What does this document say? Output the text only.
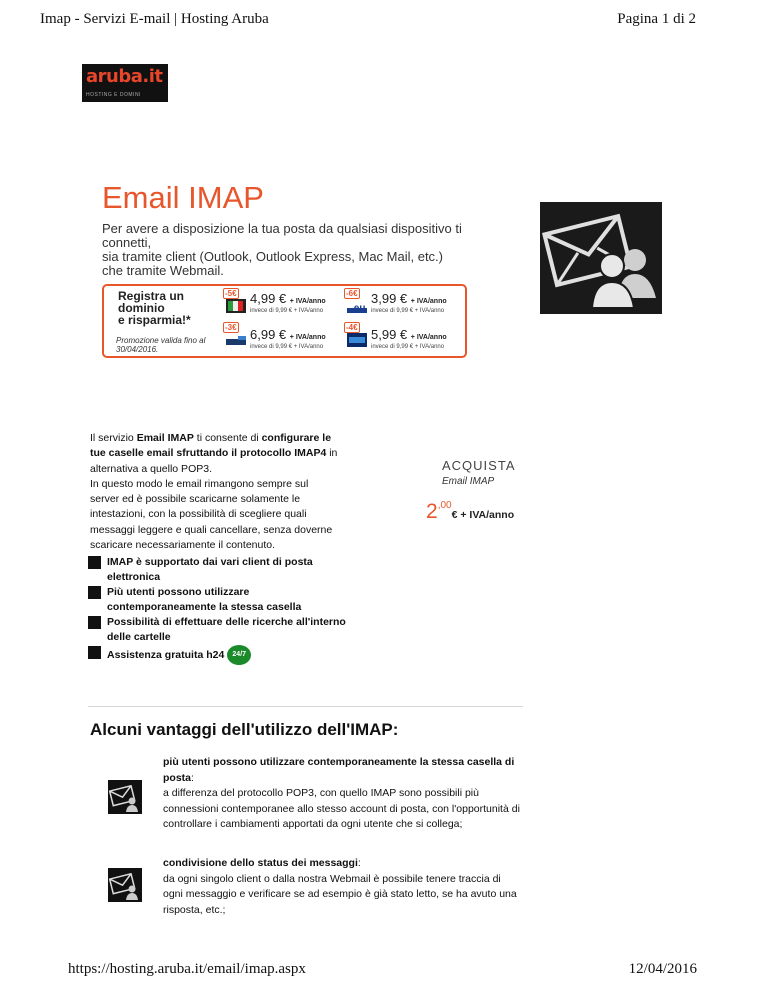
Imap - Servizi E-mail | Hosting Aruba	Pagina 1 di 2
aruba.it
HOSTING E DOMINI
Email IMAP
Per avere a disposizione la tua posta da qualsiasi dispositivo ti
connetti,
sia tramite client (Outlook, Outlook Express, Mac Mail, etc.)
che tramite Webmail.
Registra un
dominio
e risparmia!*
Promozione valida fino al
30/04/2016.
-5€ 4,99 € + IVA/anno
invece di 9,99 € + IVA/anno
-6€
.eu
3,99 € + IVA/anno
invece di 9,99 € + IVA/anno
-3€ 6,99 € + IVA/anno
invece di 9,99 € + IVA/anno
-4€ 5,99 € + IVA/anno
invece di 9,99 € + IVA/anno
Il servizio Email IMAP ti consente di configurare le tue caselle email sfruttando il protocollo IMAP4 in alternativa a quello POP3.
In questo modo le email rimangono sempre sul server ed è possibile scaricarne solamente le intestazioni, con la possibilità di scegliere quali messaggi leggere e quali cancellare, senza doverne scaricare necessariamente il contenuto.
ACQUISTA
Email IMAP
$2^{,00}€$ + IVA/anno
IMAP è supportato dai vari client di posta elettronica
Più utenti possono utilizzare contemporaneamente la stessa casella
Possibilità di effettuare delle ricerche all'interno delle cartelle
Assistenza gratuita h24 24/7
Alcuni vantaggi dell'utilizzo dell'IMAP:
più utenti possono utilizzare contemporaneamente la stessa casella di posta:
a differenza del protocollo POP3, con quello IMAP sono possibili più connessioni contemporanee allo stesso account di posta, con l'opportunità di controllare i cambiamenti apportati da ogni utente che si collega;
condivisione dello status dei messaggi:
da ogni singolo client o dalla nostra Webmail è possibile tenere traccia di ogni messaggio e verificare se ad esempio è già stato letto, se ha avuto una risposta, etc.;
https://hosting.aruba.it/email/imap.aspx	12/04/2016
